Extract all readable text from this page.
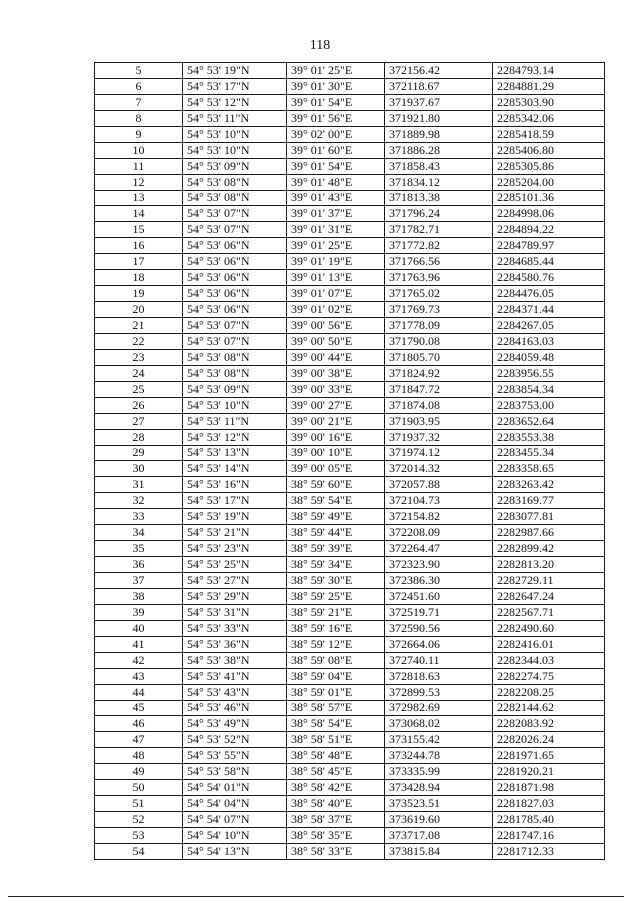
118
5	54° 53' 19"N	39° 01' 25"E	372156.42	2284793.14
6	54° 53' 17"N	39° 01' 30"E	372118.67	2284881.29
7	54° 53' 12"N	39° 01' 54"E	371937.67	2285303.90
8	54° 53' 11"N	39° 01' 56"E	371921.80	2285342.06
9	54° 53' 10"N	39° 02' 00"E	371889.98	2285418.59
10	54° 53' 10"N	39° 01' 60"E	371886.28	2285406.80
11	54° 53' 09"N	39° 01' 54"E	371858.43	2285305.86
12	54° 53' 08"N	39° 01' 48"E	371834.12	2285204.00
13	54° 53' 08"N	39° 01' 43"E	371813.38	2285101.36
14	54° 53' 07"N	39° 01' 37"E	371796.24	2284998.06
15	54° 53' 07"N	39° 01' 31"E	371782.71	2284894.22
16	54° 53' 06"N	39° 01' 25"E	371772.82	2284789.97
17	54° 53' 06"N	39° 01' 19"E	371766.56	2284685.44
18	54° 53' 06"N	39° 01' 13"E	371763.96	2284580.76
19	54° 53' 06"N	39° 01' 07"E	371765.02	2284476.05
20	54° 53' 06"N	39° 01' 02"E	371769.73	2284371.44
21	54° 53' 07"N	39° 00' 56"E	371778.09	2284267.05
22	54° 53' 07"N	39° 00' 50"E	371790.08	2284163.03
23	54° 53' 08"N	39° 00' 44"E	371805.70	2284059.48
24	54° 53' 08"N	39° 00' 38"E	371824.92	2283956.55
25	54° 53' 09"N	39° 00' 33"E	371847.72	2283854.34
26	54° 53' 10"N	39° 00' 27"E	371874.08	2283753.00
27	54° 53' 11"N	39° 00' 21"E	371903.95	2283652.64
28	54° 53' 12"N	39° 00' 16"E	371937.32	2283553.38
29	54° 53' 13"N	39° 00' 10"E	371974.12	2283455.34
30	54° 53' 14"N	39° 00' 05"E	372014.32	2283358.65
31	54° 53' 16"N	38° 59' 60"E	372057.88	2283263.42
32	54° 53' 17"N	38° 59' 54"E	372104.73	2283169.77
33	54° 53' 19"N	38° 59' 49"E	372154.82	2283077.81
34	54° 53' 21"N	38° 59' 44"E	372208.09	2282987.66
35	54° 53' 23"N	38° 59' 39"E	372264.47	2282899.42
36	54° 53' 25"N	38° 59' 34"E	372323.90	2282813.20
37	54° 53' 27"N	38° 59' 30"E	372386.30	2282729.11
38	54° 53' 29"N	38° 59' 25"E	372451.60	2282647.24
39	54° 53' 31"N	38° 59' 21"E	372519.71	2282567.71
40	54° 53' 33"N	38° 59' 16"E	372590.56	2282490.60
41	54° 53' 36"N	38° 59' 12"E	372664.06	2282416.01
42	54° 53' 38"N	38° 59' 08"E	372740.11	2282344.03
43	54° 53' 41"N	38° 59' 04"E	372818.63	2282274.75
44	54° 53' 43"N	38° 59' 01"E	372899.53	2282208.25
45	54° 53' 46"N	38° 58' 57"E	372982.69	2282144.62
46	54° 53' 49"N	38° 58' 54"E	373068.02	2282083.92
47	54° 53' 52"N	38° 58' 51"E	373155.42	2282026.24
48	54° 53' 55"N	38° 58' 48"E	373244.78	2281971.65
49	54° 53' 58"N	38° 58' 45"E	373335.99	2281920.21
50	54° 54' 01"N	38° 58' 42"E	373428.94	2281871.98
51	54° 54' 04"N	38° 58' 40"E	373523.51	2281827.03
52	54° 54' 07"N	38° 58' 37"E	373619.60	2281785.40
53	54° 54' 10"N	38° 58' 35"E	373717.08	2281747.16
54	54° 54' 13"N	38° 58' 33"E	373815.84	2281712.33
